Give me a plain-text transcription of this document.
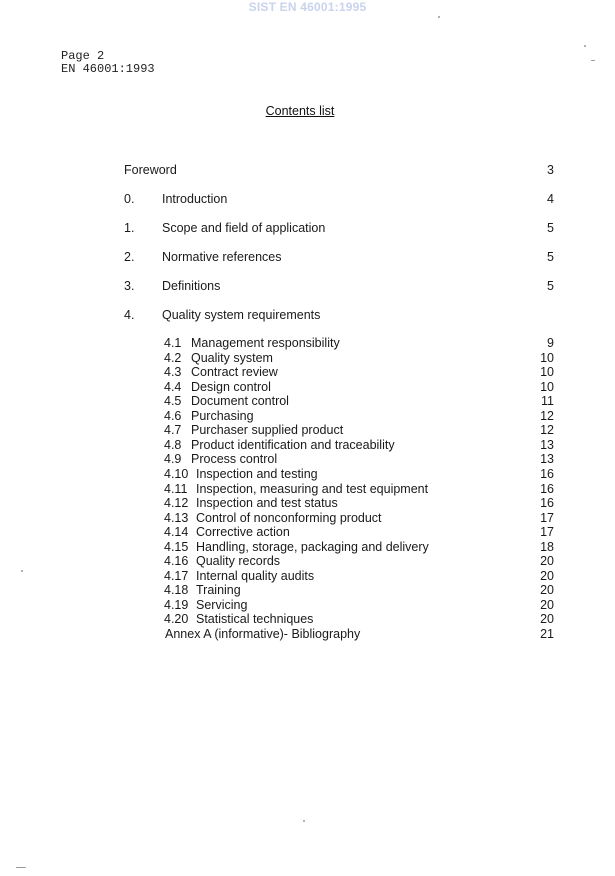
SIST EN 46001:1995
Page 2
EN 46001:1993
Contents list
Foreword	3
0. Introduction	4
1. Scope and field of application	5
2. Normative references	5
3. Definitions	5
4. Quality system requirements
4.1 Management responsibility	9
4.2 Quality system	10
4.3 Contract review	10
4.4 Design control	10
4.5 Document control	11
4.6 Purchasing	12
4.7 Purchaser supplied product	12
4.8 Product identification and traceability	13
4.9 Process control	13
4.10 Inspection and testing	16
4.11 Inspection, measuring and test equipment	16
4.12 Inspection and test status	16
4.13 Control of nonconforming product	17
4.14 Corrective action	17
4.15 Handling, storage, packaging and delivery	18
4.16 Quality records	20
4.17 Internal quality audits	20
4.18 Training	20
4.19 Servicing	20
4.20 Statistical techniques	20
Annex A (informative)- Bibliography	21
